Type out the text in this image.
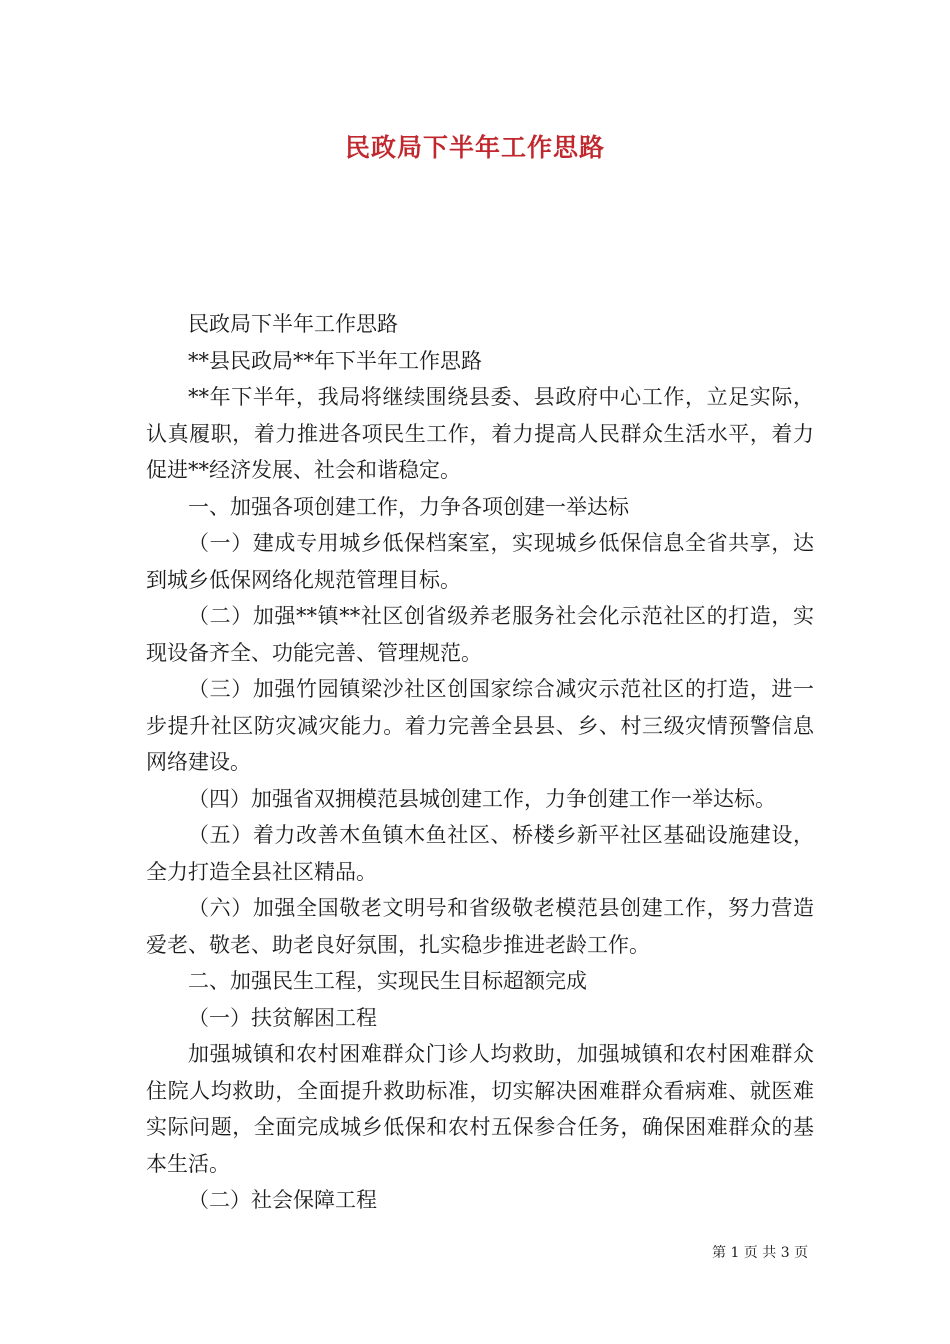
民政局下半年工作思路

民政局下半年工作思路

**县民政局**年下半年工作思路

**年下半年，我局将继续围绕县委、县政府中心工作，立足实际，认真履职，着力推进各项民生工作，着力提高人民群众生活水平，着力促进**经济发展、社会和谐稳定。

一、加强各项创建工作，力争各项创建一举达标

（一）建成专用城乡低保档案室，实现城乡低保信息全省共享，达到城乡低保网络化规范管理目标。

（二）加强**镇**社区创省级养老服务社会化示范社区的打造，实现设备齐全、功能完善、管理规范。

（三）加强竹园镇梁沙社区创国家综合减灾示范社区的打造，进一步提升社区防灾减灾能力。着力完善全县县、乡、村三级灾情预警信息网络建设。

（四）加强省双拥模范县城创建工作，力争创建工作一举达标。

（五）着力改善木鱼镇木鱼社区、桥楼乡新平社区基础设施建设，全力打造全县社区精品。

（六）加强全国敬老文明号和省级敬老模范县创建工作，努力营造爱老、敬老、助老良好氛围，扎实稳步推进老龄工作。

二、加强民生工程，实现民生目标超额完成

（一）扶贫解困工程

加强城镇和农村困难群众门诊人均救助，加强城镇和农村困难群众住院人均救助，全面提升救助标准，切实解决困难群众看病难、就医难实际问题，全面完成城乡低保和农村五保参合任务，确保困难群众的基本生活。

（二）社会保障工程

第 1 页 共 3 页
